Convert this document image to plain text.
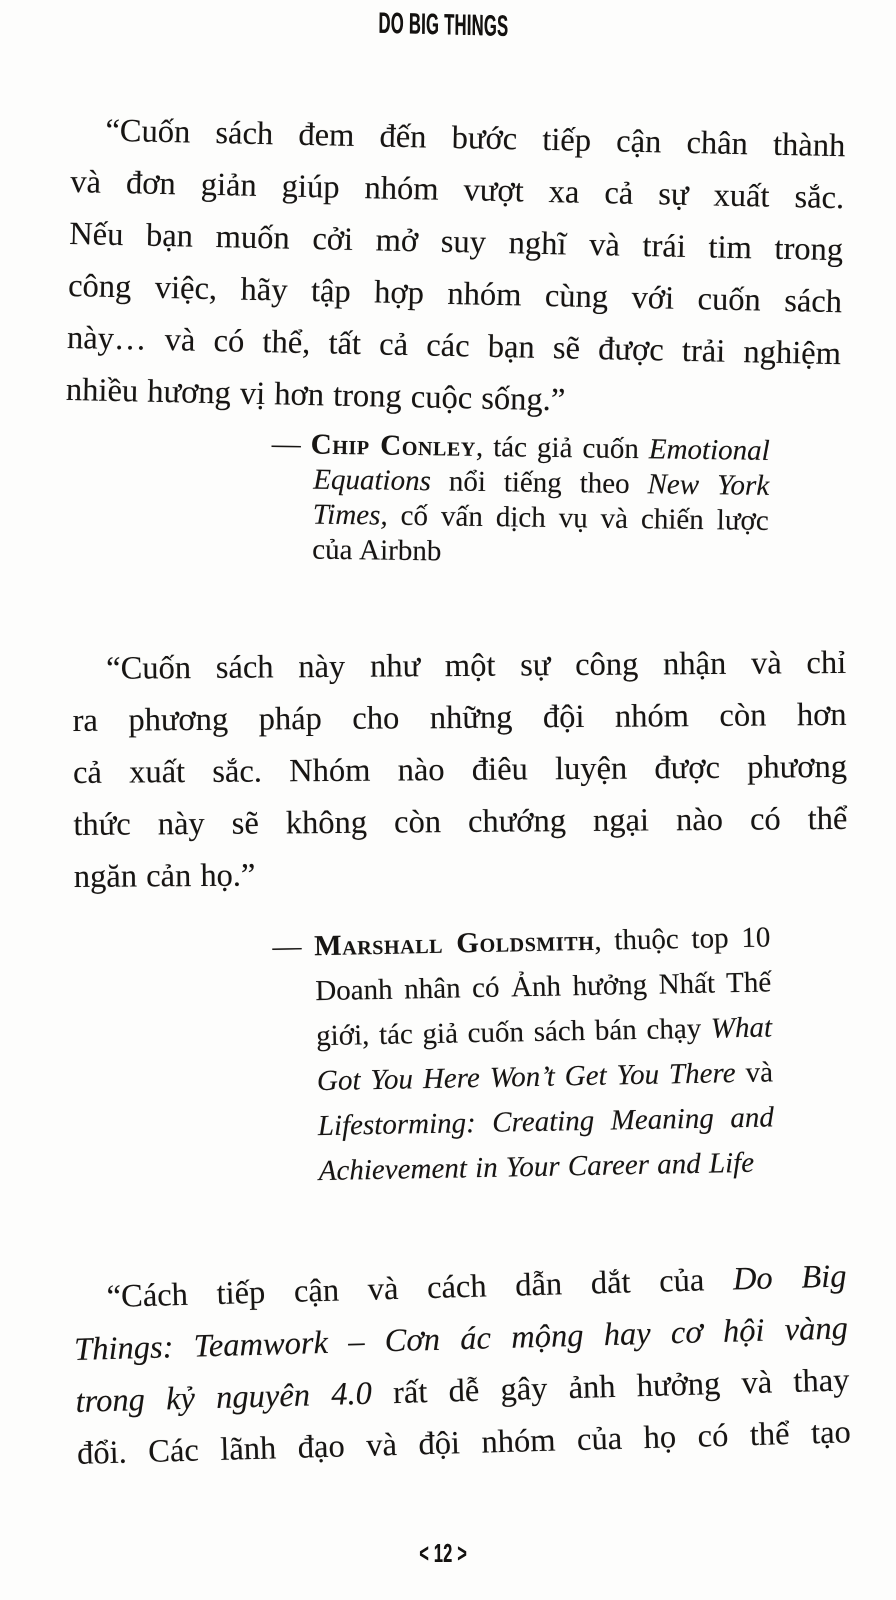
DO BIG THINGS
“Cuốn sách đem đến bước tiếp cận chân thành
và đơn giản giúp nhóm vượt xa cả sự xuất sắc.
Nếu bạn muốn cởi mở suy nghĩ và trái tim trong
công việc, hãy tập hợp nhóm cùng với cuốn sách
này… và có thể, tất cả các bạn sẽ được trải nghiệm
nhiều hương vị hơn trong cuộc sống.”
— Chip Conley, tác giả cuốn Emotional
Equations nổi tiếng theo New York
Times, cố vấn dịch vụ và chiến lược
của Airbnb
“Cuốn sách này như một sự công nhận và chỉ
ra phương pháp cho những đội nhóm còn hơn
cả xuất sắc. Nhóm nào điêu luyện được phương
thức này sẽ không còn chướng ngại nào có thể
ngăn cản họ.”
— Marshall Goldsmith, thuộc top 10
Doanh nhân có Ảnh hưởng Nhất Thế
giới, tác giả cuốn sách bán chạy What
Got You Here Won’t Get You There và
Lifestorming: Creating Meaning and
Achievement in Your Career and Life
“Cách tiếp cận và cách dẫn dắt của Do Big
Things: Teamwork – Cơn ác mộng hay cơ hội vàng
trong kỷ nguyên 4.0 rất dễ gây ảnh hưởng và thay
đổi. Các lãnh đạo và đội nhóm của họ có thể tạo
< 12 >
